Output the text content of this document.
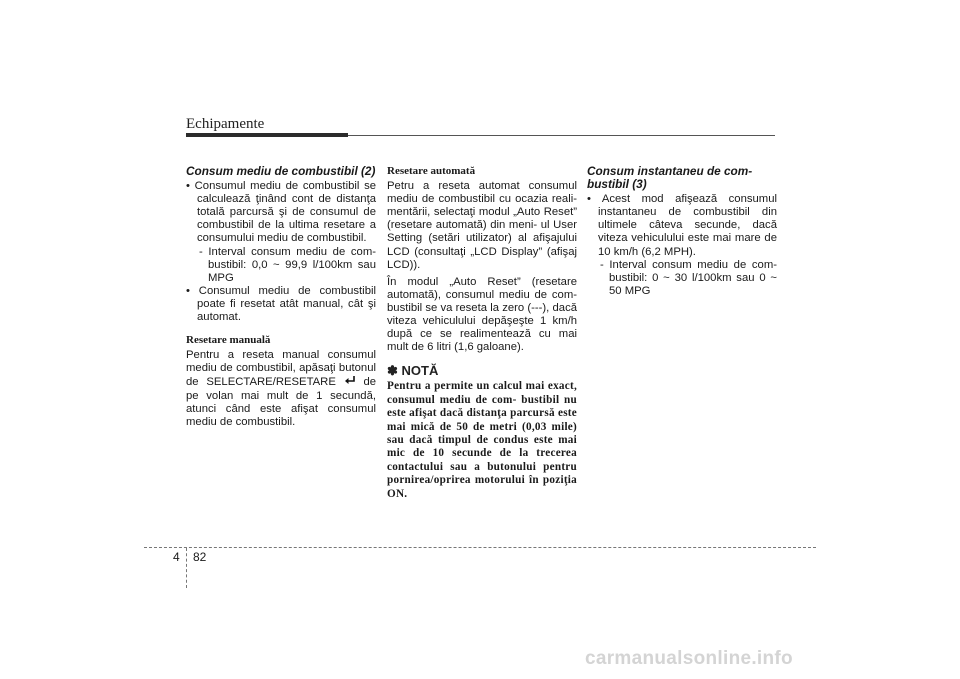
Echipamente

Consum mediu de combustibil (2)

• Consumul mediu de combustibil se calculează ţinând cont de distanţa totală parcursă şi de consumul de combustibil de la ultima resetare a consumului mediu de combustibil.

- Interval consum mediu de com- bustibil: 0,0 ~ 99,9 l/100km sau MPG

• Consumul mediu de combustibil poate fi resetat atât manual, cât şi automat.

Resetare manuală

Pentru a reseta manual consumul mediu de combustibil, apăsaţi butonul de SELECTARE/RESETARE de pe volan mai mult de 1 secundă, atunci când este afişat consumul mediu de combustibil.

Resetare automată

Petru a reseta automat consumul mediu de combustibil cu ocazia reali- mentării, selectaţi modul „Auto Reset” (resetare automată) din meni- ul User Setting (setări utilizator) al afişajului LCD (consultaţi „LCD Display” (afişaj LCD)).

În modul „Auto Reset” (resetare automată), consumul mediu de com- bustibil se va reseta la zero (---), dacă viteza vehiculului depăşeşte 1 km/h după ce se realimentează cu mai mult de 6 litri (1,6 galoane).

✽ NOTĂ

Pentru a permite un calcul mai exact, consumul mediu de com- bustibil nu este afişat dacă distanţa parcursă este mai mică de 50 de metri (0,03 mile) sau dacă timpul de condus este mai mic de 10 secunde de la trecerea contactului sau a butonului pentru pornirea/oprirea motorului în poziţia ON.

Consum instantaneu de com-
bustibil (3)

• Acest mod afişează consumul instantaneu de combustibil din ultimele câteva secunde, dacă viteza vehiculului este mai mare de 10 km/h (6,2 MPH).

- Interval consum mediu de com- bustibil: 0 ~ 30 l/100km sau 0 ~ 50 MPG

4 82
carmanualsonline.info
